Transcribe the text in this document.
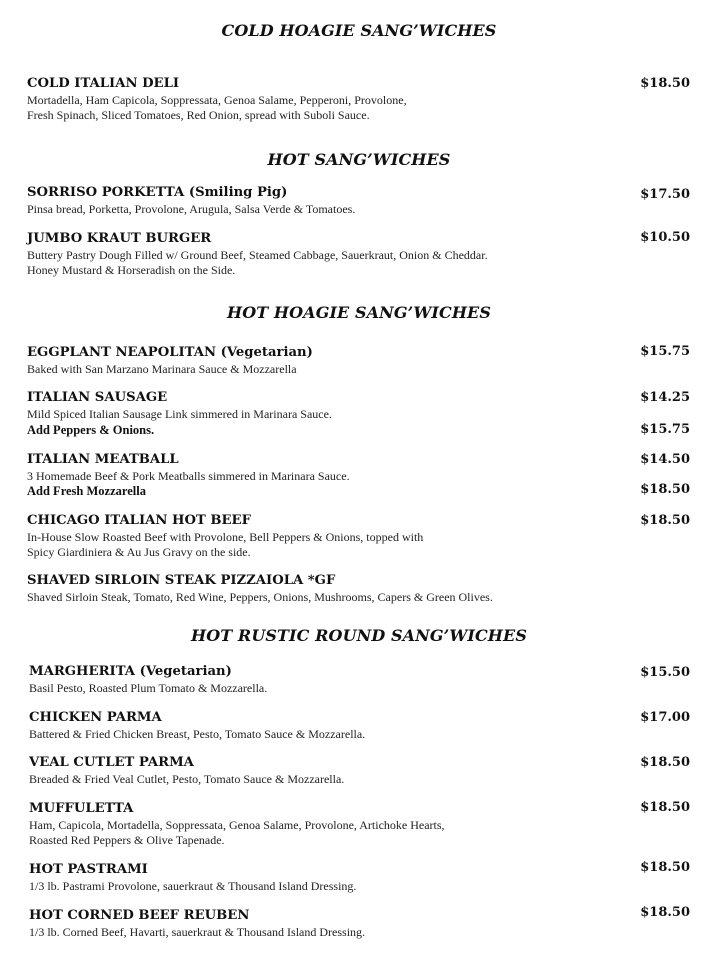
COLD HOAGIE SANG’WICHES
COLD ITALIAN DELI
Mortadella, Ham Capicola, Soppressata, Genoa Salame, Pepperoni, Provolone,
Fresh Spinach, Sliced Tomatoes, Red Onion, spread with Suboli Sauce.
$18.50
HOT SANG’WICHES
SORRISO PORKETTA (Smiling Pig)
Pinsa bread, Porketta, Provolone, Arugula, Salsa Verde & Tomatoes.
$17.50
JUMBO KRAUT BURGER
Buttery Pastry Dough Filled w/ Ground Beef, Steamed Cabbage, Sauerkraut, Onion & Cheddar.
Honey Mustard & Horseradish on the Side.
$10.50
HOT HOAGIE SANG’WICHES
EGGPLANT NEAPOLITAN (Vegetarian)
Baked with San Marzano Marinara Sauce & Mozzarella
$15.75
ITALIAN SAUSAGE
Mild Spiced Italian Sausage Link simmered in Marinara Sauce.
Add Peppers & Onions.
$14.25
$15.75
ITALIAN MEATBALL
3 Homemade Beef & Pork Meatballs simmered in Marinara Sauce.
Add Fresh Mozzarella
$14.50
$18.50
CHICAGO ITALIAN HOT BEEF
In-House Slow Roasted Beef with Provolone, Bell Peppers & Onions, topped with
Spicy Giardiniera & Au Jus Gravy on the side.
$18.50
SHAVED SIRLOIN STEAK PIZZAIOLA *GF
Shaved Sirloin Steak, Tomato, Red Wine, Peppers, Onions, Mushrooms, Capers & Green Olives.
HOT RUSTIC ROUND SANG’WICHES
MARGHERITA (Vegetarian)
Basil Pesto, Roasted Plum Tomato & Mozzarella.
$15.50
CHICKEN PARMA
Battered & Fried Chicken Breast, Pesto, Tomato Sauce & Mozzarella.
$17.00
VEAL CUTLET PARMA
Breaded & Fried Veal Cutlet, Pesto, Tomato Sauce & Mozzarella.
$18.50
MUFFULETTA
Ham, Capicola, Mortadella, Soppressata, Genoa Salame, Provolone, Artichoke Hearts,
Roasted Red Peppers & Olive Tapenade.
$18.50
HOT PASTRAMI
1/3 lb. Pastrami Provolone, sauerkraut & Thousand Island Dressing.
$18.50
HOT CORNED BEEF REUBEN
1/3 lb. Corned Beef, Havarti, sauerkraut & Thousand Island Dressing.
$18.50
